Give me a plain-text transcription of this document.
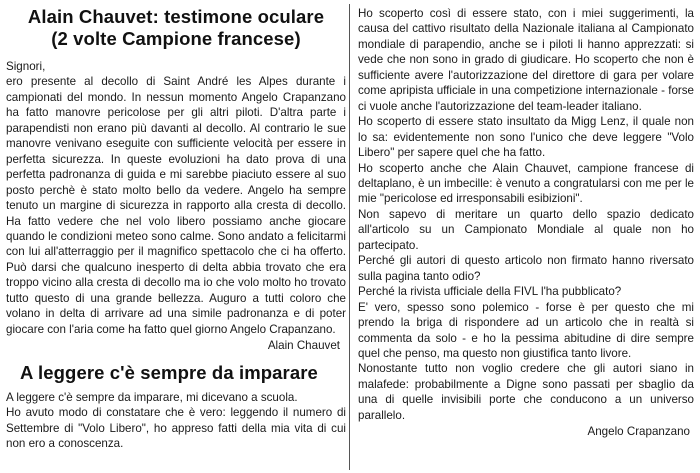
Alain Chauvet: testimone oculare
(2 volte Campione francese)

Signori,

ero presente al decollo di Saint André les Alpes durante i campionati del mondo. In nessun momento Angelo Crapanzano ha fatto manovre pericolose per gli altri piloti. D'altra parte i parapendisti non erano più davanti al decollo. Al contrario le sue manovre venivano eseguite con sufficiente velocità per essere in perfetta sicurezza. In queste evoluzioni ha dato prova di una perfetta padronanza di guida e mi sarebbe piaciuto essere al suo posto perchè è stato molto bello da vedere. Angelo ha sempre tenuto un margine di sicurezza in rapporto alla cresta di decollo. Ha fatto vedere che nel volo libero possiamo anche giocare quando le condizioni meteo sono calme. Sono andato a felicitarmi con lui all'atterraggio per il magnifico spettacolo che ci ha offerto. Può darsi che qualcuno inesperto di delta abbia trovato che era troppo vicino alla cresta di decollo ma io che volo molto ho trovato tutto questo di una grande bellezza. Auguro a tutti coloro che volano in delta di arrivare ad una simile padronanza e di poter giocare con l'aria come ha fatto quel giorno Angelo Crapanzano.

Alain Chauvet

A leggere c'è sempre da imparare

A leggere c'è sempre da imparare, mi dicevano a scuola.

Ho avuto modo di constatare che è vero: leggendo il numero di Settembre di "Volo Libero", ho appreso fatti della mia vita di cui non ero a conoscenza.

Ho scoperto così di essere stato, con i miei suggerimenti, la causa del cattivo risultato della Nazionale italiana al Campionato mondiale di parapendio, anche se i piloti li hanno apprezzati: si vede che non sono in grado di giudicare. Ho scoperto che non è sufficiente avere l'autorizzazione del direttore di gara per volare come apripista ufficiale in una competizione internazionale - forse ci vuole anche l'autorizzazione del team-leader italiano.

Ho scoperto di essere stato insultato da Migg Lenz, il quale non lo sa: evidentemente non sono l'unico che deve leggere "Volo Libero" per sapere quel che ha fatto.

Ho scoperto anche che Alain Chauvet, campione francese di deltaplano, è un imbecille: è venuto a congratularsi con me per le mie "pericolose ed irresponsabili esibizioni".

Non sapevo di meritare un quarto dello spazio dedicato all'articolo su un Campionato Mondiale al quale non ho partecipato.

Perché gli autori di questo articolo non firmato hanno riversato sulla pagina tanto odio?

Perché la rivista ufficiale della FIVL l'ha pubblicato?

E' vero, spesso sono polemico - forse è per questo che mi prendo la briga di rispondere ad un articolo che in realtà si commenta da solo - e ho la pessima abitudine di dire sempre quel che penso, ma questo non giustifica tanto livore.

Nonostante tutto non voglio credere che gli autori siano in malafede: probabilmente a Digne sono passati per sbaglio da una di quelle invisibili porte che conducono a un universo parallelo.

Angelo Crapanzano
